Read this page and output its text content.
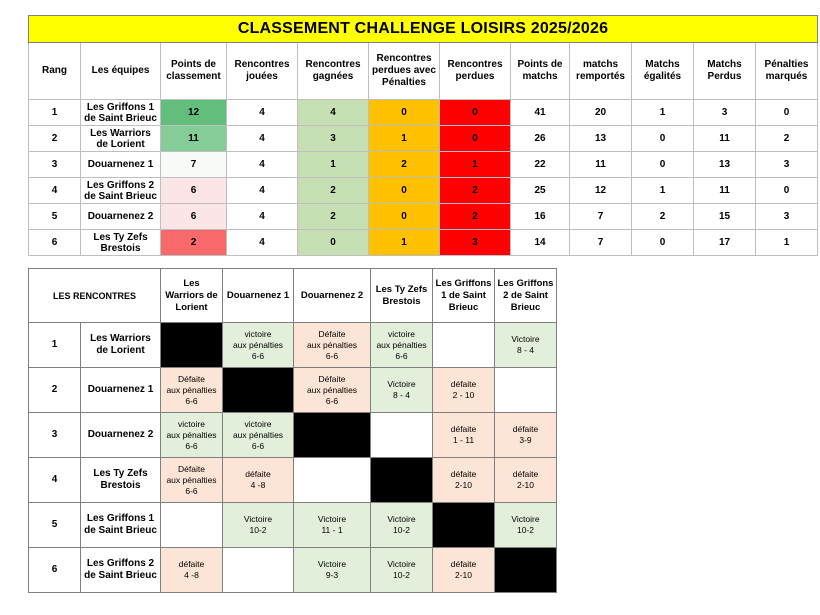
CLASSEMENT CHALLENGE LOISIRS 2025/2026											
Rang	Les équipes	Points de classement	Rencontres jouées	Rencontres gagnées	Rencontres perdues avec Pénalties	Rencontres perdues	Points de matchs	matchs remportés	Matchs égalités	Matchs Perdus	Pénalties marqués
1	Les Griffons 1 de Saint Brieuc	12	4	4	0	0	41	20	1	3	0
2	Les Warriors de Lorient	11	4	3	1	0	26	13	0	11	2
3	Douarnenez 1	7	4	1	2	1	22	11	0	13	3
4	Les Griffons 2 de Saint Brieuc	6	4	2	0	2	25	12	1	11	0
5	Douarnenez 2	6	4	2	0	2	16	7	2	15	3
6	Les Ty Zefs Brestois	2	4	0	1	3	14	7	0	17	1
LES RENCONTRES		Les Warriors de Lorient	Douarnenez 1	Douarnenez 2	Les Ty Zefs Brestois	Les Griffons 1 de Saint Brieuc	Les Griffons 2 de Saint Brieuc
1	Les Warriors de Lorient		victoire
aux pénalties
6-6	Défaite
aux pénalties
6-6	victoire
aux pénalties
6-6		Victoire
8 - 4

2	Douarnenez 1	Défaite
aux pénalties
6-6		Défaite
aux pénalties
6-6	Victoire
8 - 4	défaite
2 - 10	

3	Douarnenez 2	victoire
aux pénalties
6-6	victoire
aux pénalties
6-6			défaite
1 - 11	défaite
3-9

4	Les Ty Zefs Brestois	Défaite
aux pénalties
6-6	défaite
4 -8			défaite
2-10	défaite
2-10

5	Les Griffons 1 de Saint Brieuc		Victoire
10-2	Victoire
11 - 1	Victoire
10-2		Victoire
10-2

6	Les Griffons 2 de Saint Brieuc	défaite
4 -8		Victoire
9-3	Victoire
10-2	défaite
2-10	
